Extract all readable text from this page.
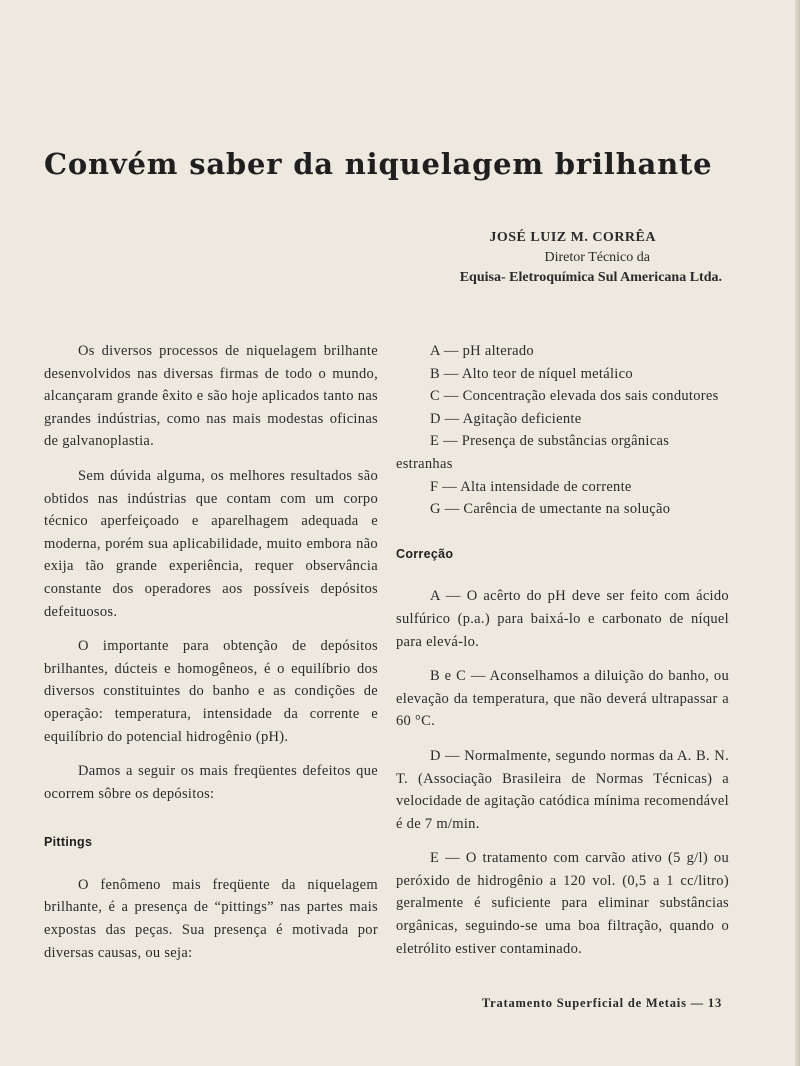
Convém saber da niquelagem brilhante
JOSÉ LUIZ M. CORRÊA
Diretor Técnico da
Equisa- Eletroquímica Sul Americana Ltda.

Os diversos processos de niquelagem brilhante desenvolvidos nas diversas firmas de todo o mundo, alcançaram grande êxito e são hoje aplicados tanto nas grandes indústrias, como nas mais modestas oficinas de galvanoplastia.

Sem dúvida alguma, os melhores resultados são obtidos nas indústrias que contam com um corpo técnico aperfeiçoado e aparelhagem adequada e moderna, porém sua aplicabilidade, muito embora não exija tão grande experiência, requer observância constante dos operadores aos possíveis depósitos defeituosos.

O importante para obtenção de depósitos brilhantes, dúcteis e homogêneos, é o equilíbrio dos diversos constituintes do banho e as condições de operação: temperatura, intensidade da corrente e equilíbrio do potencial hidrogênio (pH).

Damos a seguir os mais freqüentes defeitos que ocorrem sôbre os depósitos:

Pittings

O fenômeno mais freqüente da niquelagem brilhante, é a presença de “pittings” nas partes mais expostas das peças. Sua presença é motivada por diversas causas, ou seja:

A — pH alterado
B — Alto teor de níquel metálico
C — Concentração elevada dos sais condutores
D — Agitação deficiente
E — Presença de substâncias orgânicas estranhas
F — Alta intensidade de corrente
G — Carência de umectante na solução
Correção

A — O acêrto do pH deve ser feito com ácido sulfúrico (p.a.) para baixá-lo e carbonato de níquel para elevá-lo.

B e C — Aconselhamos a diluição do banho, ou elevação da temperatura, que não deverá ultrapassar a 60 °C.

D — Normalmente, segundo normas da A. B. N. T. (Associação Brasileira de Normas Técnicas) a velocidade de agitação catódica mínima recomendável é de 7 m/min.

E — O tratamento com carvão ativo (5 g/l) ou peróxido de hidrogênio a 120 vol. (0,5 a 1 cc/litro) geralmente é suficiente para eliminar substâncias orgânicas, seguindo-se uma boa filtração, quando o eletrólito estiver contaminado.

Tratamento Superficial de Metais — 13
